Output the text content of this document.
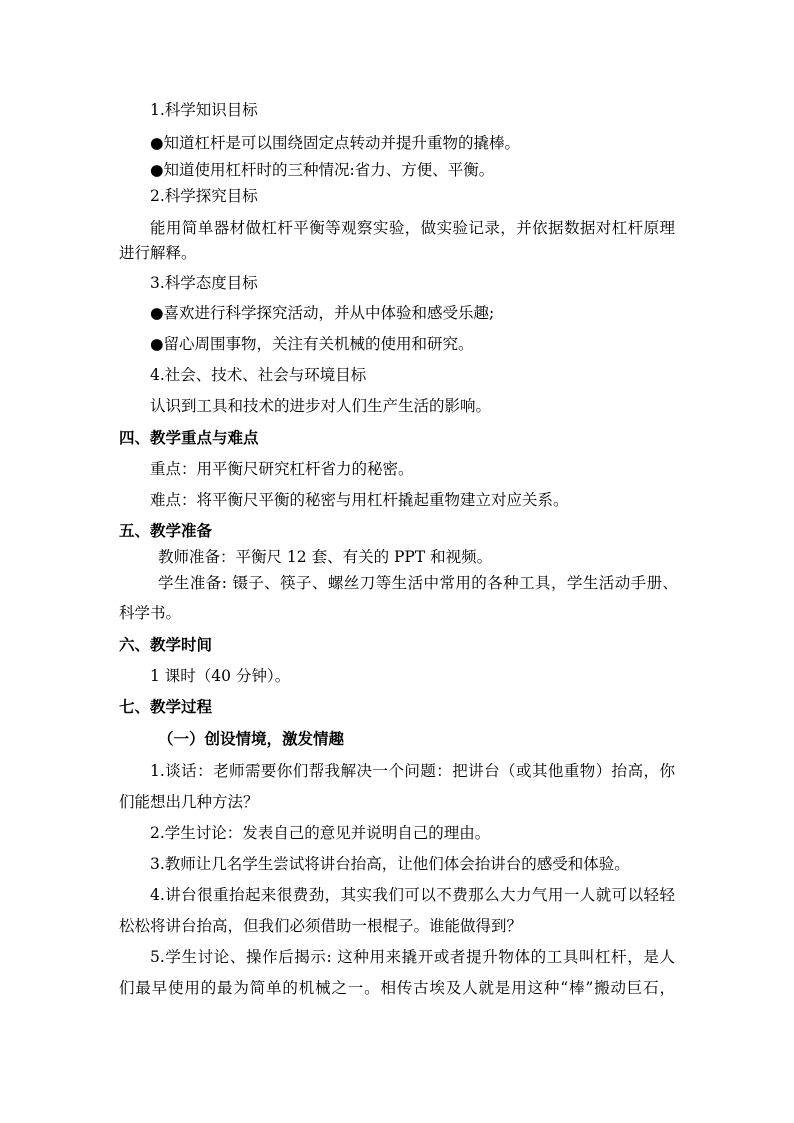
1.科学知识目标
●知道杠杆是可以围绕固定点转动并提升重物的撬棒。
●知道使用杠杆时的三种情况:省力、方便、平衡。
2.科学探究目标
能用简单器材做杠杆平衡等观察实验，做实验记录，并依据数据对杠杆原理
进行解释。
3.科学态度目标
●喜欢进行科学探究活动，并从中体验和感受乐趣;
●留心周围事物，关注有关机械的使用和研究。
4.社会、技术、社会与环境目标
认识到工具和技术的进步对人们生产生活的影响。
四、教学重点与难点
重点：用平衡尺研究杠杆省力的秘密。
难点：将平衡尺平衡的秘密与用杠杆撬起重物建立对应关系。
五、教学准备
教师准备：平衡尺 12 套、有关的 PPT 和视频。
学生准备: 镊子、筷子、螺丝刀等生活中常用的各种工具，学生活动手册、
科学书。
六、教学时间
1 课时（40 分钟）。
七、教学过程
（一）创设情境，激发情趣
1.谈话：老师需要你们帮我解决一个问题：把讲台（或其他重物）抬高，你
们能想出几种方法？
2.学生讨论：发表自己的意见并说明自己的理由。
3.教师让几名学生尝试将讲台抬高，让他们体会抬讲台的感受和体验。
4.讲台很重抬起来很费劲，其实我们可以不费那么大力气用一人就可以轻轻
松松将讲台抬高，但我们必须借助一根棍子。谁能做得到？
5.学生讨论、操作后揭示: 这种用来撬开或者提升物体的工具叫杠杆，是人
们最早使用的最为简单的机械之一。相传古埃及人就是用这种“棒”搬动巨石，
